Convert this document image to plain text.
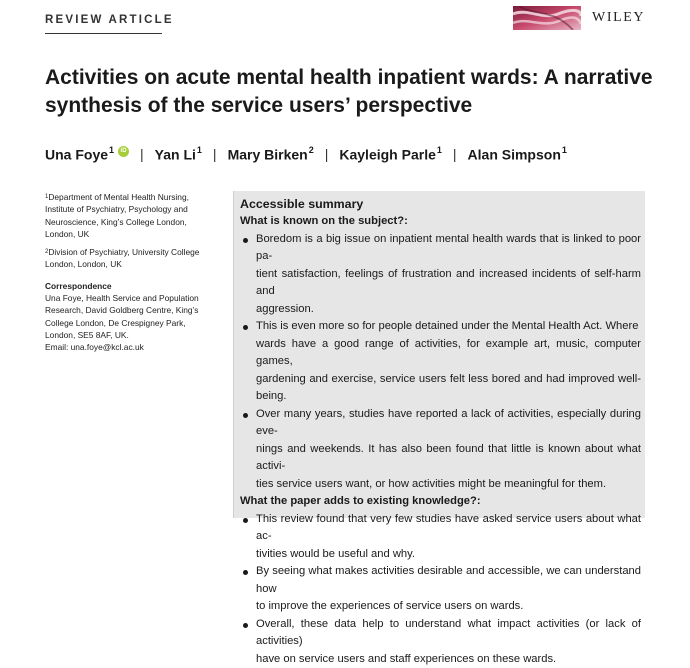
REVIEW ARTICLE	WILEY
Activities on acute mental health inpatient wards: A narrative synthesis of the service users’ perspective
Una Foye$^1$	iD | Yan Li$^1$ | Mary Birken$^2$ | Kayleigh Parle$^1$ | Alan Simpson$^1$
$^1$Department of Mental Health Nursing,
Institute of Psychiatry, Psychology and
Neuroscience, King’s College London,
London, UK
$^2$Division of Psychiatry, University College
London, London, UK
Correspondence
Una Foye, Health Service and Population
Research, David Goldberg Centre, King’s
College London, De Crespigney Park,
London, SE5 8AF, UK.
Email: una.foye@kcl.ac.uk
Accessible summary
What is known on the subject?:
Boredom is a big issue on inpatient mental health wards that is linked to poor pa-
tient satisfaction, feelings of frustration and increased incidents of self-harm and
aggression.
This is even more so for people detained under the Mental Health Act. Where
wards have a good range of activities, for example art, music, computer games,
gardening and exercise, service users felt less bored and had improved well-being.
Over many years, studies have reported a lack of activities, especially during eve-
nings and weekends. It has also been found that little is known about what activi-
ties service users want, or how activities might be meaningful for them.
What the paper adds to existing knowledge?:
This review found that very few studies have asked service users about what ac-
tivities would be useful and why.
By seeing what makes activities desirable and accessible, we can understand how
to improve the experiences of service users on wards.
Overall, these data help to understand what impact activities (or lack of activities)
have on service users and staff experiences on these wards.
